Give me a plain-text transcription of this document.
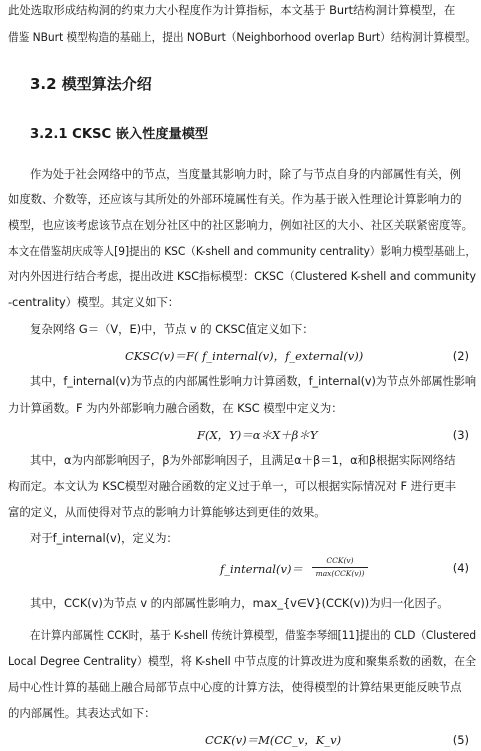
此处选取形成结构洞的约束力大小程度作为计算指标，本文基于 Burt结构洞计算模型，在
借鉴 NBurt 模型构造的基础上，提出 NOBurt（Neighborhood overlap Burt）结构洞计算模型。
3.2 模型算法介绍
3.2.1 CKSC 嵌入性度量模型
作为处于社会网络中的节点，当度量其影响力时，除了与节点自身的内部属性有关，例
如度数、介数等，还应该与其所处的外部环境属性有关。作为基于嵌入性理论计算影响力的
模型，也应该考虑该节点在划分社区中的社区影响力，例如社区的大小、社区关联紧密度等。
本文在借鉴胡庆成等人[9]提出的 KSC（K-shell and community centrality）影响力模型基础上，
对内外因进行结合考虑，提出改进 KSC指标模型：CKSC（Clustered K-shell and community
-centrality）模型。其定义如下：
复杂网络 G＝（V，E)中，节点 v 的 CKSC值定义如下：
CKSC(v)＝F( f_internal(v)，f_external(v))	(2)
其中，f_internal(v)为节点的内部属性影响力计算函数，f_internal(v)为节点外部属性影响
力计算函数。F 为内外部影响力融合函数，在 KSC 模型中定义为：
F(X，Y)＝α＊X＋β＊Y	(3)
其中，α为内部影响因子，β为外部影响因子，且满足α＋β＝1，α和β根据实际网络结
构而定。本文认为 KSC模型对融合函数的定义过于单一，可以根据实际情况对 F 进行更丰
富的定义，从而使得对节点的影响力计算能够达到更佳的效果。
对于f_internal(v)，定义为：
f_internal(v)＝
CCK(v)
max(CCK(v))	(4)
其中，CCK(v)为节点 v 的内部属性影响力，max_{v∈V}(CCK(v))为归一化因子。
在计算内部属性 CCK时，基于 K-shell 传统计算模型，借鉴李琴细[11]提出的 CLD（Clustered
Local Degree Centrality）模型，将 K-shell 中节点度的计算改进为度和聚集系数的函数，在全
局中心性计算的基础上融合局部节点中心度的计算方法，使得模型的计算结果更能反映节点
的内部属性。其表达式如下：
CCK(v)＝M(CC_v，K_v)	(5)
